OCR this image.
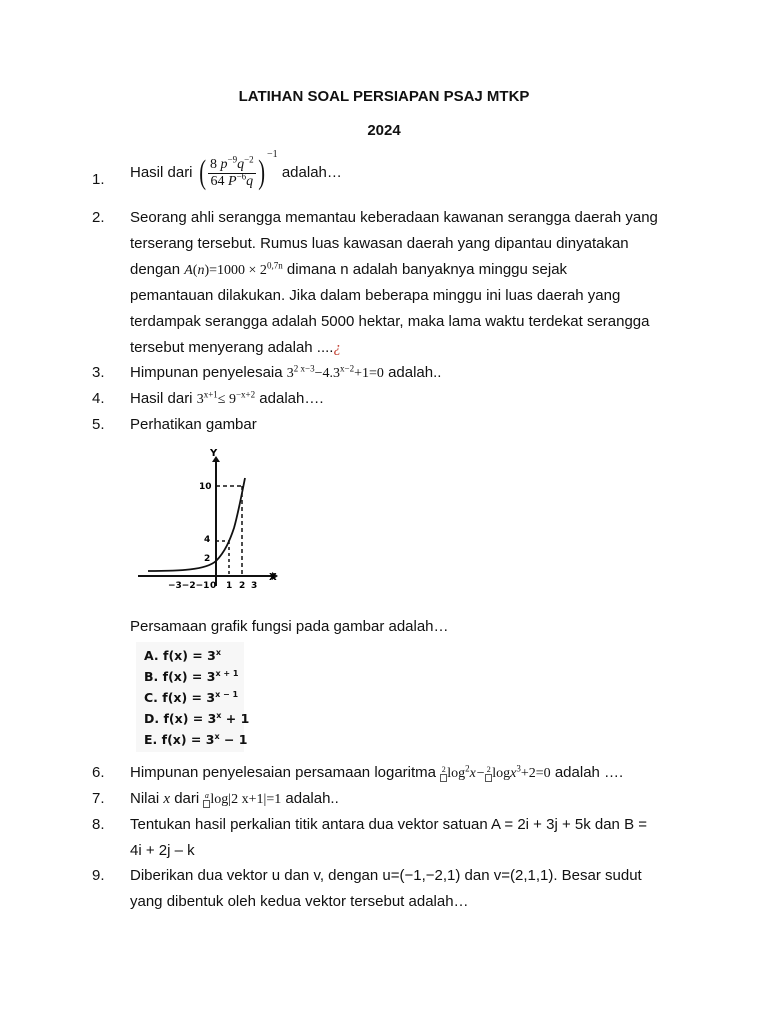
LATIHAN SOAL PERSIAPAN PSAJ MTKP
2024
1. Hasil dari ( $\frac{8 p^{-9}q^{-2}}{64 P^{-6}q}$ ) $^{-1}$ adalah…
2. Seorang ahli serangga memantau keberadaan kawanan serangga daerah yang
terserang tersebut. Rumus luas kawasan daerah yang dipantau dinyatakan
dengan $A(n)=1000 \times 2^{0,7n}$ dimana n adalah banyaknya minggu sejak
pemantauan dilakukan. Jika dalam beberapa minggu ini luas daerah yang
terdampak serangga adalah 5000 hektar, maka lama waktu terdekat serangga
tersebut menyerang adalah ....¿
3. Himpunan penyelesaia $3^{2 x-3}-4.3^{x-2}+1=0$ adalah..
4. Hasil dari $3^{x+1}\le 9^{-x+2}$ adalah….
5. Perhatikan gambar
Y
X
10
4
2
−3−2−1 0 1 2 3
Persamaan grafik fungsi pada gambar adalah…
A. $f(x) = 3^x$
B. $f(x) = 3^{x + 1}$
C. $f(x) = 3^{x - 1}$
D. $f(x) = 3^x + 1$
E. $f(x) = 3^x - 1$
6. Himpunan penyelesaian persamaan logaritma 2 $\log^2x- 2$ logx$^3$+2=0 adalah ….
7. Nilai x dari a log|2 x+1|=1 adalah..
8. Tentukan hasil perkalian titik antara dua vektor satuan A = 2i + 3j + 5k dan B =
4i + 2j – k
9. Diberikan dua vektor u dan v, dengan u=(−1,−2,1) dan v=(2,1,1). Besar sudut
yang dibentuk oleh kedua vektor tersebut adalah…
